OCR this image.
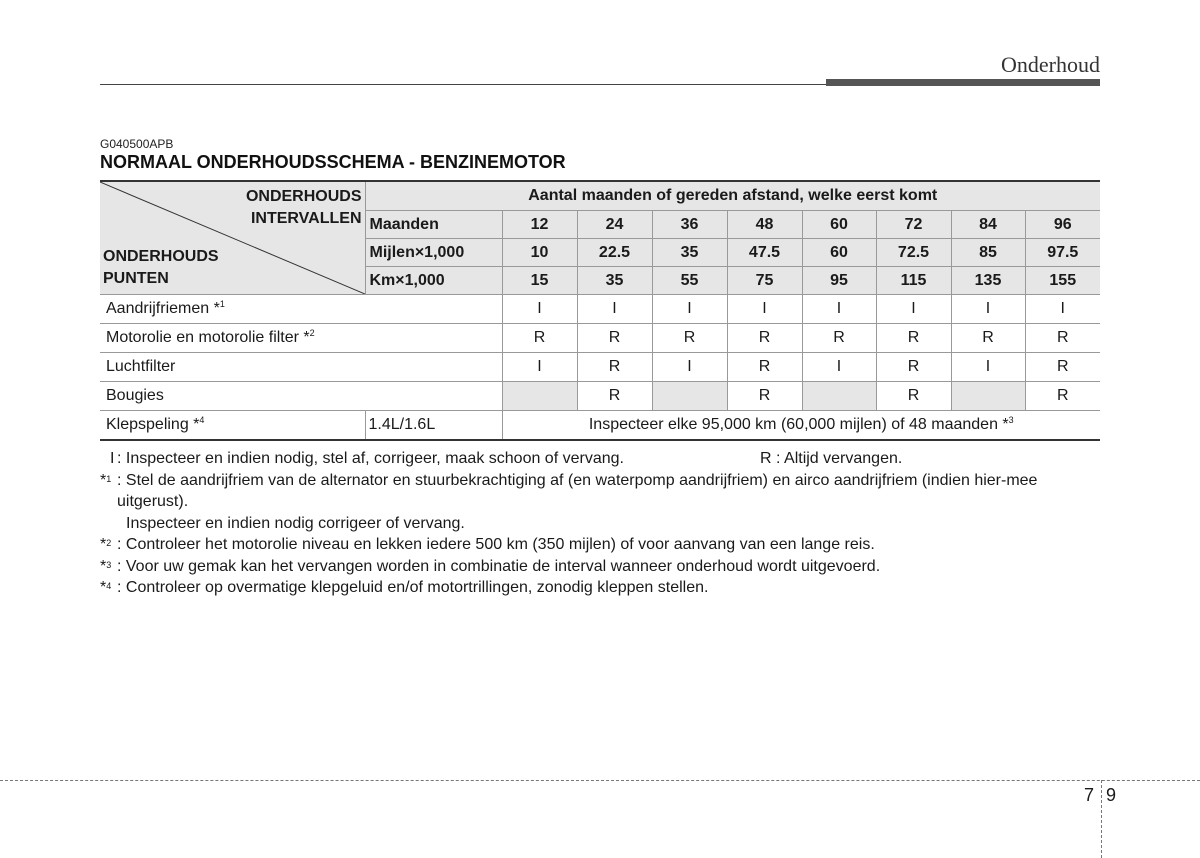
Onderhoud
G040500APB
NORMAAL ONDERHOUDSSCHEMA - BENZINEMOTOR
ONDERHOUDS
INTERVALLEN
ONDERHOUDS
PUNTEN	Aantal maanden of gereden afstand, welke eerst komt								
	Maanden	12	24	36	48	60	72	84	96
	Mijlen×1,000	10	22.5	35	47.5	60	72.5	85	97.5
	Km×1,000	15	35	55	75	95	115	135	155
Aandrijfriemen *$^1$		I	I	I	I	I	I	I	I
Motorolie en motorolie filter *$^2$		R	R	R	R	R	R	R	R
Luchtfilter		I	R	I	R	I	R	I	R
Bougies			R		R		R		R
Klepspeling *$^4$	1.4L/1.6L	Inspecteer elke 95,000 km (60,000 mijlen) of 48 maanden *$^3$
I : Inspecteer en indien nodig, stel af, corrigeer, maak schoon of vervang.	R : Altijd vervangen.
*$^1$ : Stel de aandrijfriem van de alternator en stuurbekrachtiging af (en waterpomp aandrijfriem) en airco aandrijfriem (indien hier-mee uitgerust).
Inspecteer en indien nodig corrigeer of vervang.
*$^2$ : Controleer het motorolie niveau en lekken iedere 500 km (350 mijlen) of voor aanvang van een lange reis.
*$^3$ : Voor uw gemak kan het vervangen worden in combinatie de interval wanneer onderhoud wordt uitgevoerd.
*$^4$ : Controleer op overmatige klepgeluid en/of motortrillingen, zonodig kleppen stellen.
7 9
